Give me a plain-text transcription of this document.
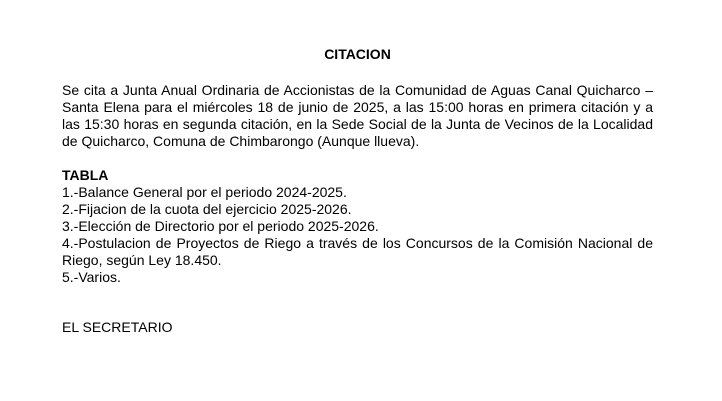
CITACION

Se cita a Junta Anual Ordinaria de Accionistas de la Comunidad de Aguas Canal Quicharco – Santa Elena para el miércoles 18 de junio de 2025, a las 15:00 horas en primera citación y a las 15:30 horas en segunda citación, en la Sede Social de la Junta de Vecinos de la Localidad de Quicharco, Comuna de Chimbarongo (Aunque llueva).

TABLA
1.-Balance General por el periodo 2024-2025.
2.-Fijacion de la cuota del ejercicio 2025-2026.
3.-Elección de Directorio por el periodo 2025-2026.
4.-Postulacion de Proyectos de Riego a través de los Concursos de la Comisión Nacional de Riego, según Ley 18.450.
5.-Varios.
EL SECRETARIO
